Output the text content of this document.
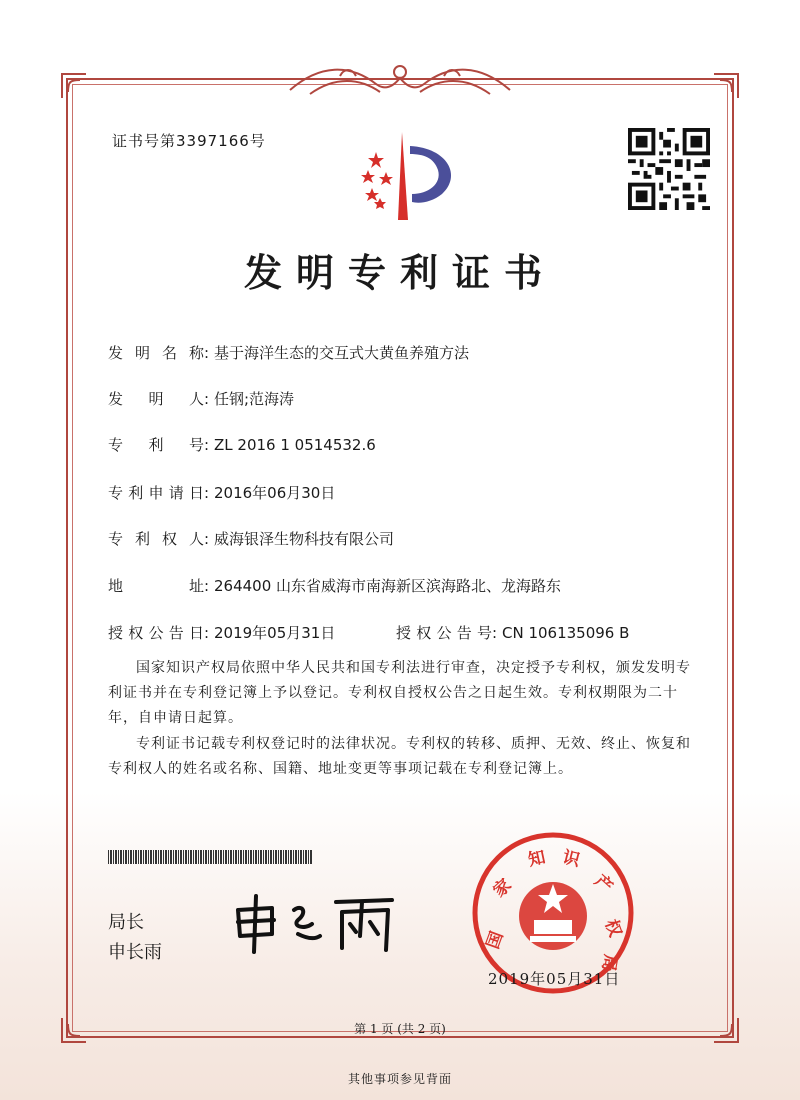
证书号第3397166号
发明专利证书
发明名称: 基于海洋生态的交互式大黄鱼养殖方法
发明人: 任钢;范海涛
专利号: ZL 2016 1 0514532.6
专利申请日: 2016年06月30日
专利权人: 威海银泽生物科技有限公司
地址: 264400 山东省威海市南海新区滨海路北、龙海路东
授权公告日: 2019年05月31日	授权公告号: CN 106135096 B
国家知识产权局依照中华人民共和国专利法进行审查，决定授予专利权，颁发发明专利证书并在专利登记簿上予以登记。专利权自授权公告之日起生效。专利权期限为二十年，自申请日起算。
专利证书记载专利权登记时的法律状况。专利权的转移、质押、无效、终止、恢复和专利权人的姓名或名称、国籍、地址变更等事项记载在专利登记簿上。
局长
申长雨
国
家
知 识
产
权
局
2019年05月31日
第 1 页 (共 2 页)
其他事项参见背面
